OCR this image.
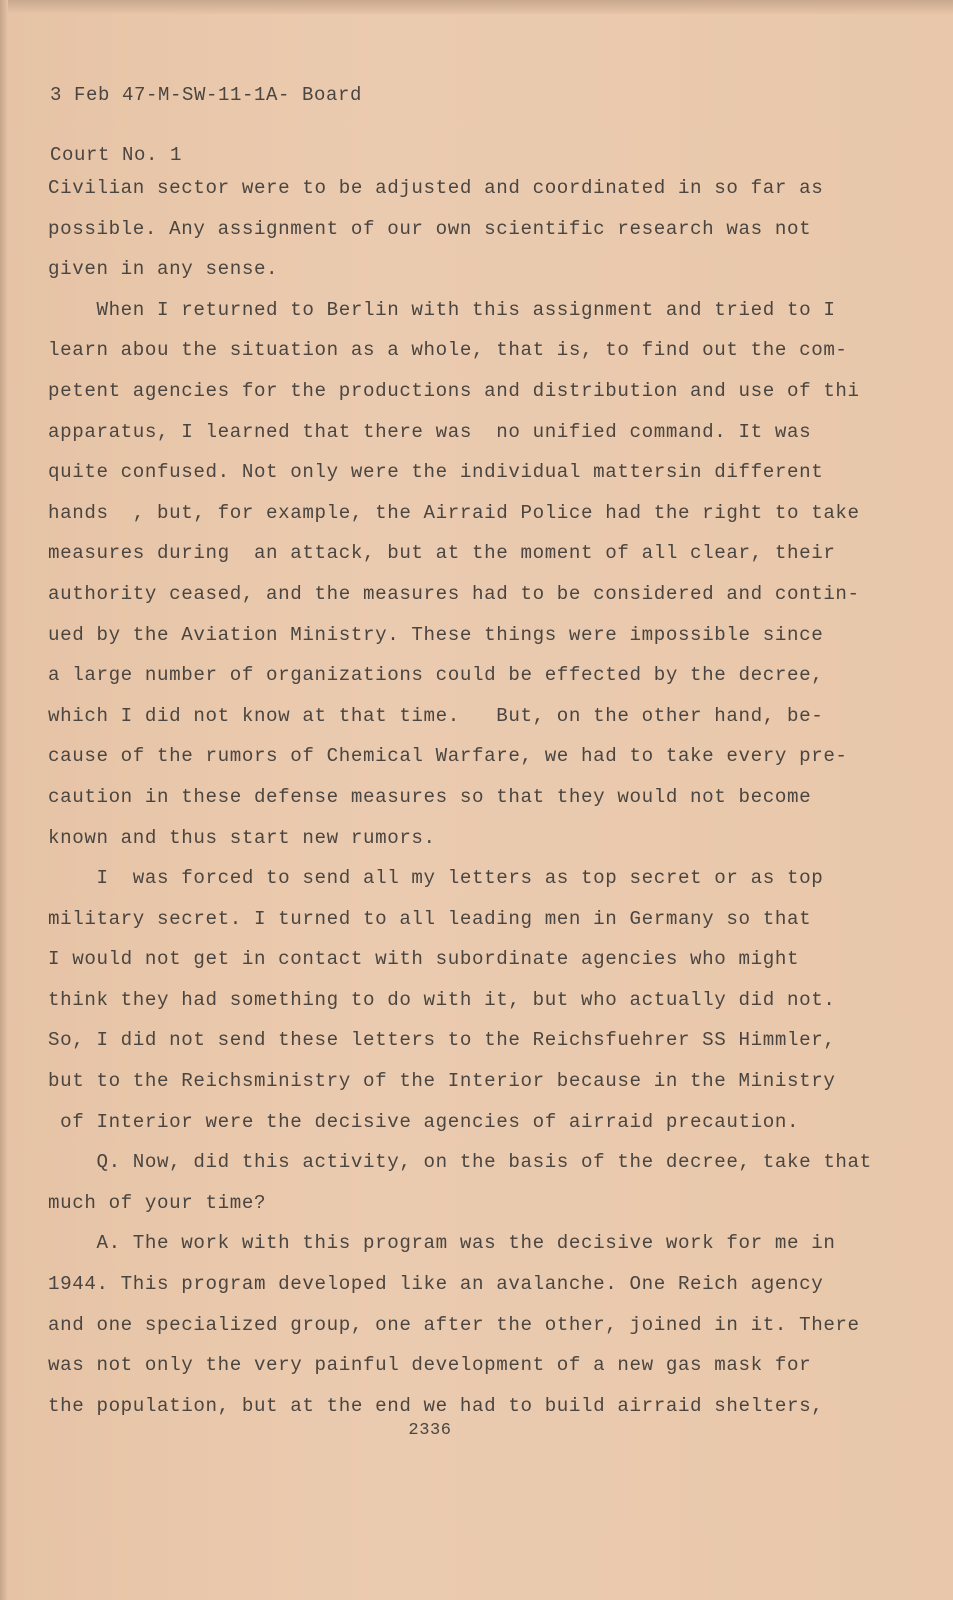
3 Feb 47-M-SW-11-1A- Board

Court No. 1

Civilian sector were to be adjusted and coordinated in so far as
possible. Any assignment of our own scientific research was not
given in any sense.
When I returned to Berlin with this assignment and tried to I
learn abou the situation as a whole, that is, to find out the com-
petent agencies for the productions and distribution and use of thi
apparatus, I learned that there was  no unified command. It was
quite confused. Not only were the individual mattersin different
hands  , but, for example, the Airraid Police had the right to take
measures during  an attack, but at the moment of all clear, their
authority ceased, and the measures had to be considered and contin-
ued by the Aviation Ministry. These things were impossible since
a large number of organizations could be effected by the decree,
which I did not know at that time.   But, on the other hand, be-
cause of the rumors of Chemical Warfare, we had to take every pre-
caution in these defense measures so that they would not become
known and thus start new rumors.
I  was forced to send all my letters as top secret or as top
military secret. I turned to all leading men in Germany so that
I would not get in contact with subordinate agencies who might
think they had something to do with it, but who actually did not.
So, I did not send these letters to the Reichsfuehrer SS Himmler,
but to the Reichsministry of the Interior because in the Ministry
of Interior were the decisive agencies of airraid precaution.
Q. Now, did this activity, on the basis of the decree, take that
much of your time?
A. The work with this program was the decisive work for me in
1944. This program developed like an avalanche. One Reich agency
and one specialized group, one after the other, joined in it. There
was not only the very painful development of a new gas mask for
the population, but at the end we had to build airraid shelters,
2336
